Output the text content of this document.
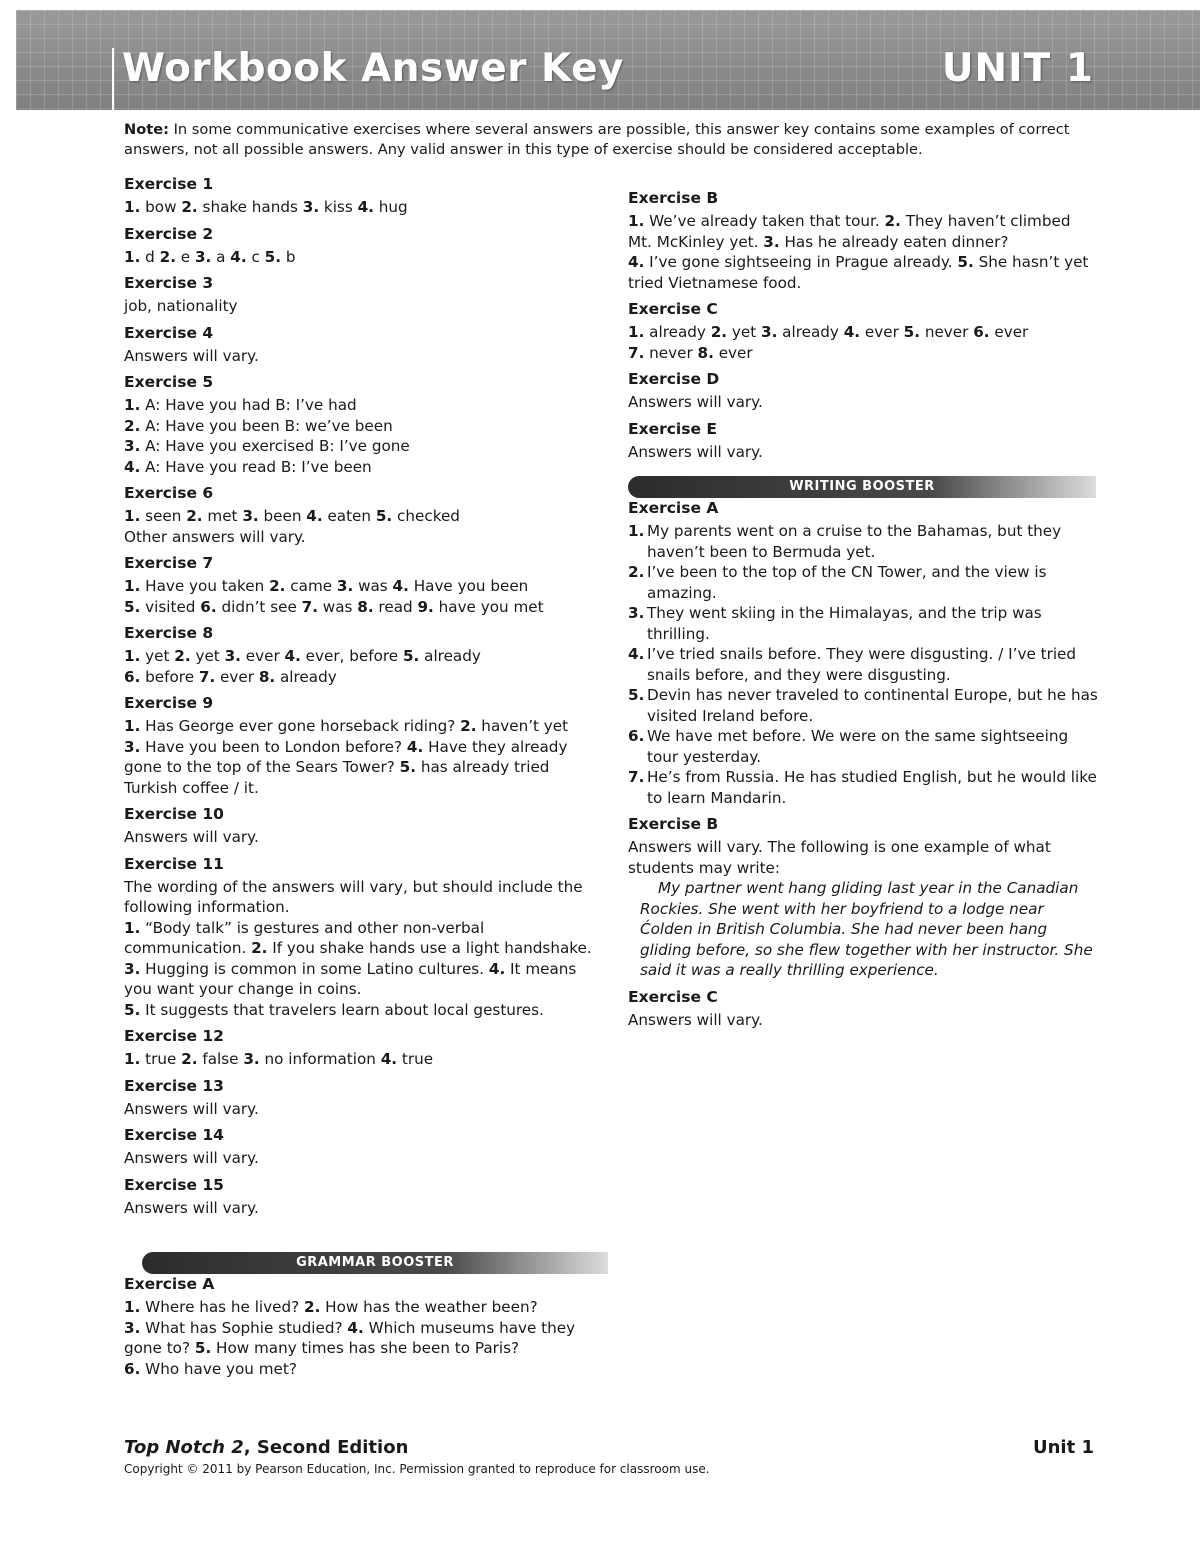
Workbook Answer Key	UNIT 1
Note: In some communicative exercises where several answers are possible, this answer key contains some examples of correct answers, not all possible answers. Any valid answer in this type of exercise should be considered acceptable.
Exercise 1
1. bow 2. shake hands 3. kiss 4. hug
Exercise 2
1. d 2. e 3. a 4. c 5. b
Exercise 3
job, nationality
Exercise 4
Answers will vary.
Exercise 5
1. A: Have you had B: I’ve had
2. A: Have you been B: we’ve been
3. A: Have you exercised B: I’ve gone
4. A: Have you read B: I’ve been
Exercise 6
1. seen 2. met 3. been 4. eaten 5. checked
Other answers will vary.
Exercise 7
1. Have you taken 2. came 3. was 4. Have you been
5. visited 6. didn’t see 7. was 8. read 9. have you met
Exercise 8
1. yet 2. yet 3. ever 4. ever, before 5. already
6. before 7. ever 8. already
Exercise 9
1. Has George ever gone horseback riding? 2. haven’t yet
3. Have you been to London before? 4. Have they already gone to the top of the Sears Tower? 5. has already tried Turkish coffee / it.
Exercise 10
Answers will vary.
Exercise 11
The wording of the answers will vary, but should include the following information.
1. “Body talk” is gestures and other non-verbal communication. 2. If you shake hands use a light handshake. 3. Hugging is common in some Latino cultures. 4. It means you want your change in coins.
5. It suggests that travelers learn about local gestures.
Exercise 12
1. true 2. false 3. no information 4. true
Exercise 13
Answers will vary.
Exercise 14
Answers will vary.
Exercise 15
Answers will vary.
GRAMMAR BOOSTER
Exercise A
1. Where has he lived? 2. How has the weather been?
3. What has Sophie studied? 4. Which museums have they gone to? 5. How many times has she been to Paris?
6. Who have you met?
Exercise B
1. We’ve already taken that tour. 2. They haven’t climbed Mt. McKinley yet. 3. Has he already eaten dinner?
4. I’ve gone sightseeing in Prague already. 5. She hasn’t yet tried Vietnamese food.
Exercise C
1. already 2. yet 3. already 4. ever 5. never 6. ever
7. never 8. ever
Exercise D
Answers will vary.
Exercise E
Answers will vary.
WRITING BOOSTER
Exercise A
1. My parents went on a cruise to the Bahamas, but they haven’t been to Bermuda yet.
2. I’ve been to the top of the CN Tower, and the view is amazing.
3. They went skiing in the Himalayas, and the trip was thrilling.
4. I’ve tried snails before. They were disgusting. / I’ve tried snails before, and they were disgusting.
5. Devin has never traveled to continental Europe, but he has visited Ireland before.
6. We have met before. We were on the same sightseeing tour yesterday.
7. He’s from Russia. He has studied English, but he would like to learn Mandarin.
Exercise B
Answers will vary. The following is one example of what students may write:
My partner went hang gliding last year in the Canadian Rockies. She went with her boyfriend to a lodge near Ćolden in British Columbia. She had never been hang gliding before, so she flew together with her instructor. She said it was a really thrilling experience.
Exercise C
Answers will vary.
Top Notch 2, Second Edition	Unit 1
Copyright © 2011 by Pearson Education, Inc. Permission granted to reproduce for classroom use.
